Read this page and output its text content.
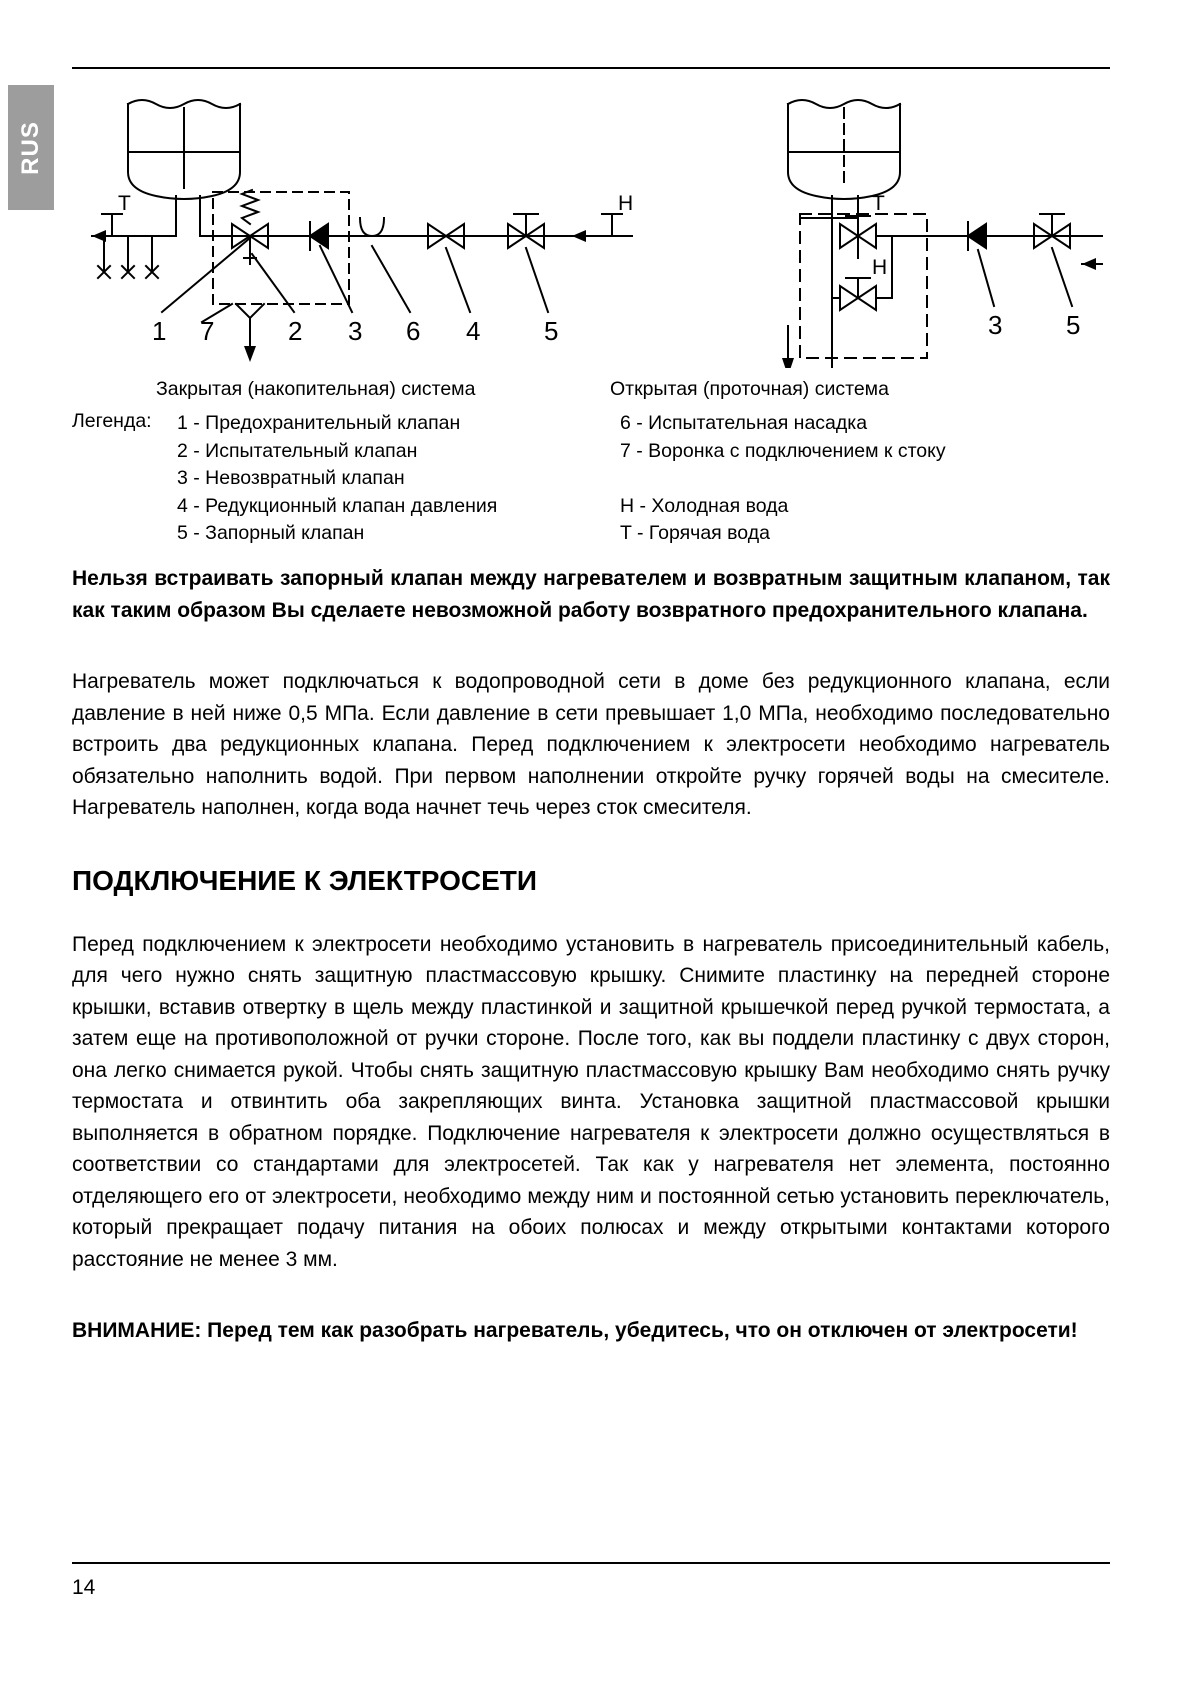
RUS
T	H	T
H
1 7	2 3 6 4 5	3 5
Закрытая (накопительная) система	Открытая (проточная) система
Легенда: 1 - Предохранительный клапан
2 - Испытательный клапан
3 - Невозвратный клапан
4 - Редукционный клапан давления
5 - Запорный клапан
6 - Испытательная насадка
7 - Воронка с подключением к стоку
H - Холодная вода
T - Горячая вода

Нельзя встраивать запорный клапан между нагревателем и возвратным защитным клапаном, так как таким образом Вы сделаете невозможной работу возвратного предохранительного клапана.

Нагреватель может подключаться к водопроводной сети в доме без редукционного клапана, если давление в ней ниже 0,5 МПа. Если давление в сети превышает 1,0 МПа, необходимо последовательно встроить два редукционных клапана. Перед подключением к электросети необходимо нагреватель обязательно наполнить водой. При первом наполнении откройте ручку горячей воды на смесителе. Нагреватель наполнен, когда вода начнет течь через сток смесителя.

ПОДКЛЮЧЕНИЕ К ЭЛЕКТРОСЕТИ

Перед подключением к электросети необходимо установить в нагреватель присоединительный кабель, для чего нужно снять защитную пластмассовую крышку. Снимите пластинку на передней стороне крышки, вставив отвертку в щель между пластинкой и защитной крышечкой перед ручкой термостата, а затем еще на противоположной от ручки стороне. После того, как вы поддели пластинку с двух сторон, она легко снимается рукой. Чтобы снять защитную пластмассовую крышку Вам необходимо снять ручку термостата и отвинтить оба закрепляющих винта. Установка защитной пластмассовой крышки выполняется в обратном порядке. Подключение нагревателя к электросети должно осуществляться в соответствии со стандартами для электросетей. Так как у нагревателя нет элемента, постоянно отделяющего его от электросети, необходимо между ним и постоянной сетью установить переключатель, который прекращает подачу питания на обоих полюсах и между открытыми контактами которого расстояние не менее 3 мм.

ВНИМАНИЕ: Перед тем как разобрать нагреватель, убедитесь, что он отключен от электросети!

14
